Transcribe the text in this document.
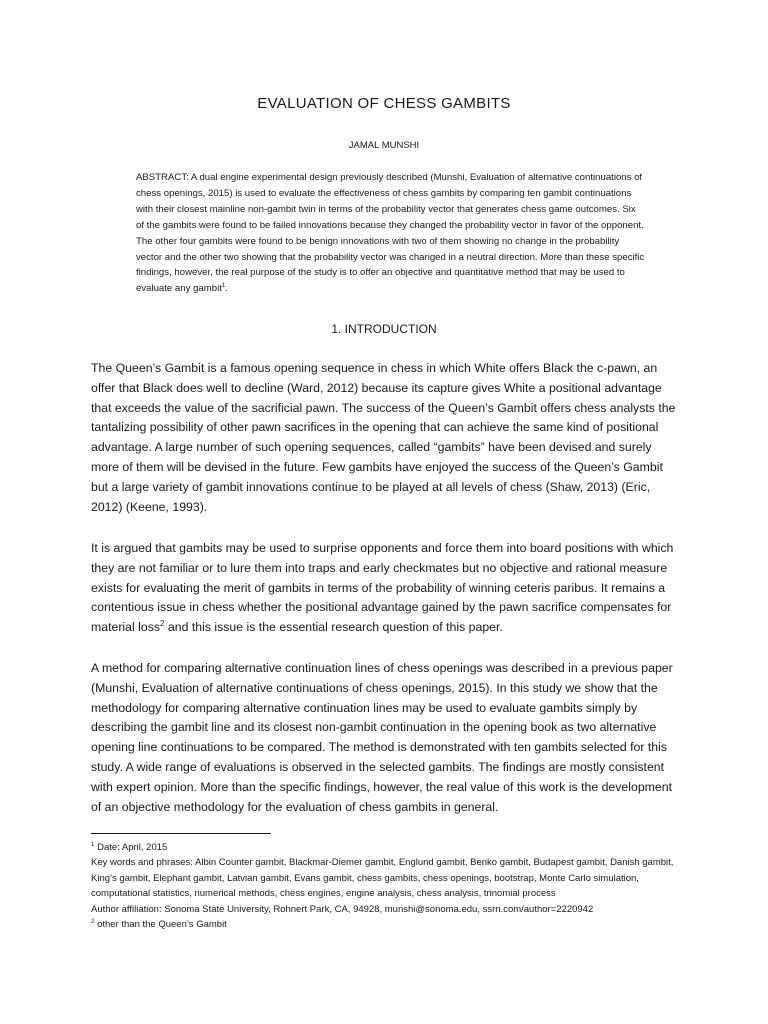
EVALUATION OF CHESS GAMBITS
JAMAL MUNSHI

ABSTRACT: A dual engine experimental design previously described (Munshi, Evaluation of alternative continuations of chess openings, 2015) is used to evaluate the effectiveness of chess gambits by comparing ten gambit continuations with their closest mainline non-gambit twin in terms of the probability vector that generates chess game outcomes. Six of the gambits were found to be failed innovations because they changed the probability vector in favor of the opponent. The other four gambits were found to be benign innovations with two of them showing no change in the probability vector and the other two showing that the probability vector was changed in a neutral direction. More than these specific findings, however, the real purpose of the study is to offer an objective and quantitative method that may be used to evaluate any gambit$^1$.

1. INTRODUCTION

The Queen’s Gambit is a famous opening sequence in chess in which White offers Black the c-pawn, an offer that Black does well to decline (Ward, 2012) because its capture gives White a positional advantage that exceeds the value of the sacrificial pawn. The success of the Queen’s Gambit offers chess analysts the tantalizing possibility of other pawn sacrifices in the opening that can achieve the same kind of positional advantage. A large number of such opening sequences, called “gambits” have been devised and surely more of them will be devised in the future. Few gambits have enjoyed the success of the Queen’s Gambit but a large variety of gambit innovations continue to be played at all levels of chess (Shaw, 2013) (Eric, 2012) (Keene, 1993).

It is argued that gambits may be used to surprise opponents and force them into board positions with which they are not familiar or to lure them into traps and early checkmates but no objective and rational measure exists for evaluating the merit of gambits in terms of the probability of winning ceteris paribus. It remains a contentious issue in chess whether the positional advantage gained by the pawn sacrifice compensates for material loss$^2$ and this issue is the essential research question of this paper.

A method for comparing alternative continuation lines of chess openings was described in a previous paper (Munshi, Evaluation of alternative continuations of chess openings, 2015). In this study we show that the methodology for comparing alternative continuation lines may be used to evaluate gambits simply by describing the gambit line and its closest non-gambit continuation in the opening book as two alternative opening line continuations to be compared. The method is demonstrated with ten gambits selected for this study. A wide range of evaluations is observed in the selected gambits. The findings are mostly consistent with expert opinion. More than the specific findings, however, the real value of this work is the development of an objective methodology for the evaluation of chess gambits in general.

$^1$ Date: April, 2015

Key words and phrases: Albin Counter gambit, Blackmar-Diemer gambit, Englund gambit, Benko gambit, Budapest gambit, Danish gambit, King’s gambit, Elephant gambit, Latvian gambit, Evans gambit, chess gambits, chess openings, bootstrap, Monte Carlo simulation, computational statistics, numerical methods, chess engines, engine analysis, chess analysis, trinomial process

Author affiliation: Sonoma State University, Rohnert Park, CA, 94928, munshi@sonoma.edu, ssrn.com/author=2220942

$^2$ other than the Queen’s Gambit
